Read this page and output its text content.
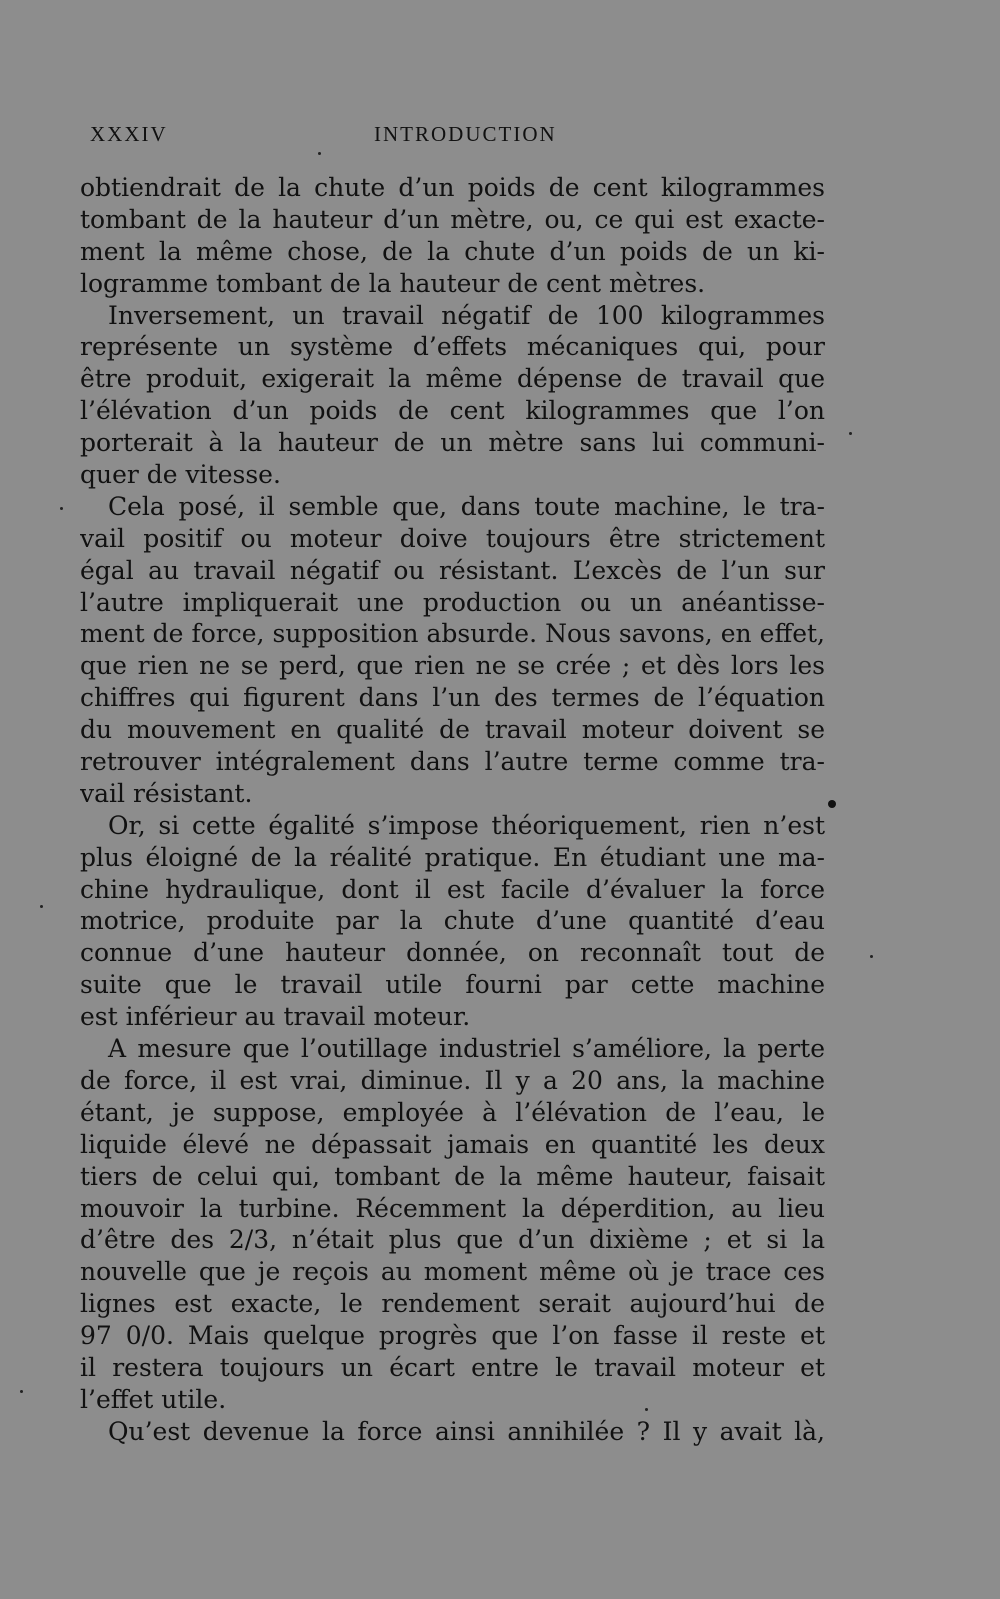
XXXIV	INTRODUCTION
obtiendrait de la chute d’un poids de cent kilogrammes
tombant de la hauteur d’un mètre, ou, ce qui est exacte-
ment la même chose, de la chute d’un poids de un ki-
logramme tombant de la hauteur de cent mètres.
Inversement, un travail négatif de 100 kilogrammes
représente un système d’effets mécaniques qui, pour
être produit, exigerait la même dépense de travail que
l’élévation d’un poids de cent kilogrammes que l’on
porterait à la hauteur de un mètre sans lui communi-
quer de vitesse.
Cela posé, il semble que, dans toute machine, le tra-
vail positif ou moteur doive toujours être strictement
égal au travail négatif ou résistant. L’excès de l’un sur
l’autre impliquerait une production ou un anéantisse-
ment de force, supposition absurde. Nous savons, en effet,
que rien ne se perd, que rien ne se crée ; et dès lors les
chiffres qui figurent dans l’un des termes de l’équation
du mouvement en qualité de travail moteur doivent se
retrouver intégralement dans l’autre terme comme tra-
vail résistant.
Or, si cette égalité s’impose théoriquement, rien n’est
plus éloigné de la réalité pratique. En étudiant une ma-
chine hydraulique, dont il est facile d’évaluer la force
motrice, produite par la chute d’une quantité d’eau
connue d’une hauteur donnée, on reconnaît tout de
suite que le travail utile fourni par cette machine
est inférieur au travail moteur.
A mesure que l’outillage industriel s’améliore, la perte
de force, il est vrai, diminue. Il y a 20 ans, la machine
étant, je suppose, employée à l’élévation de l’eau, le
liquide élevé ne dépassait jamais en quantité les deux
tiers de celui qui, tombant de la même hauteur, faisait
mouvoir la turbine. Récemment la déperdition, au lieu
d’être des 2/3, n’était plus que d’un dixième ; et si la
nouvelle que je reçois au moment même où je trace ces
lignes est exacte, le rendement serait aujourd’hui de
97 0/0. Mais quelque progrès que l’on fasse il reste et
il restera toujours un écart entre le travail moteur et
l’effet utile.
Qu’est devenue la force ainsi annihilée ? Il y avait là,
